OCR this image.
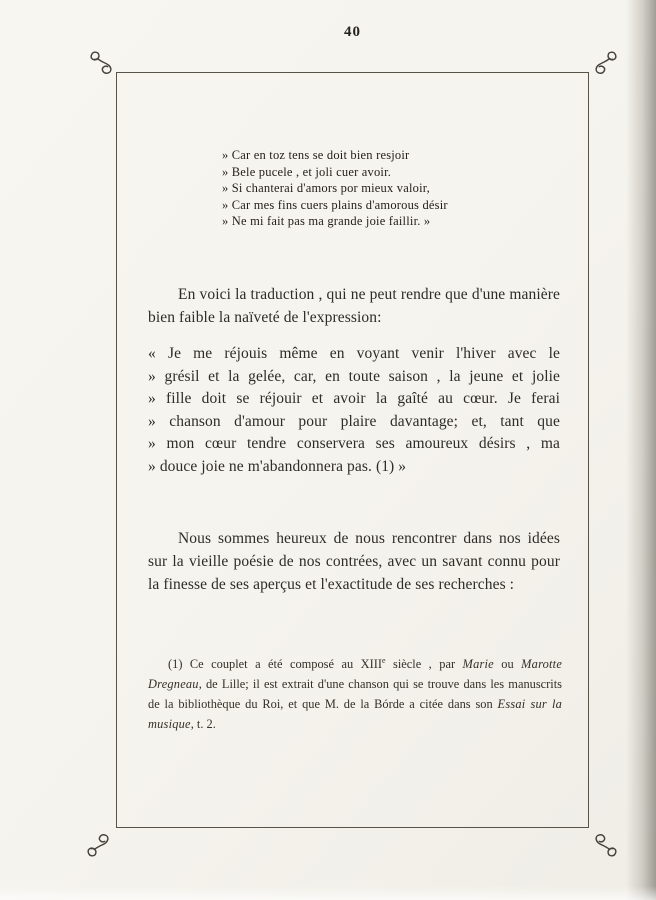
40
» Car en toz tens se doit bien resjoir
» Bele pucele , et joli cuer avoir.
» Si chanterai d'amors por mieux valoir,
» Car mes fins cuers plains d'amorous désir
» Ne mi fait pas ma grande joie faillir. »

En voici la traduction , qui ne peut rendre que d'une manière bien faible la naïveté de l'expression:

« Je me réjouis même en voyant venir l'hiver avec le
» grésil et la gelée, car, en toute saison , la jeune et jolie
» fille doit se réjouir et avoir la gaîté au cœur. Je ferai
» chanson d'amour pour plaire davantage; et, tant que
» mon cœur tendre conservera ses amoureux désirs , ma
» douce joie ne m'abandonnera pas. (1) »

Nous sommes heureux de nous rencontrer dans nos idées sur la vieille poésie de nos contrées, avec un savant connu pour la finesse de ses aperçus et l'exactitude de ses recherches :

(1) Ce couplet a été composé au XIIIe siècle , par Marie ou Marotte Dregneau, de Lille; il est extrait d'une chanson qui se trouve dans les manuscrits de la bibliothèque du Roi, et que M. de la Bórde a citée dans son Essai sur la musique, t. 2.
